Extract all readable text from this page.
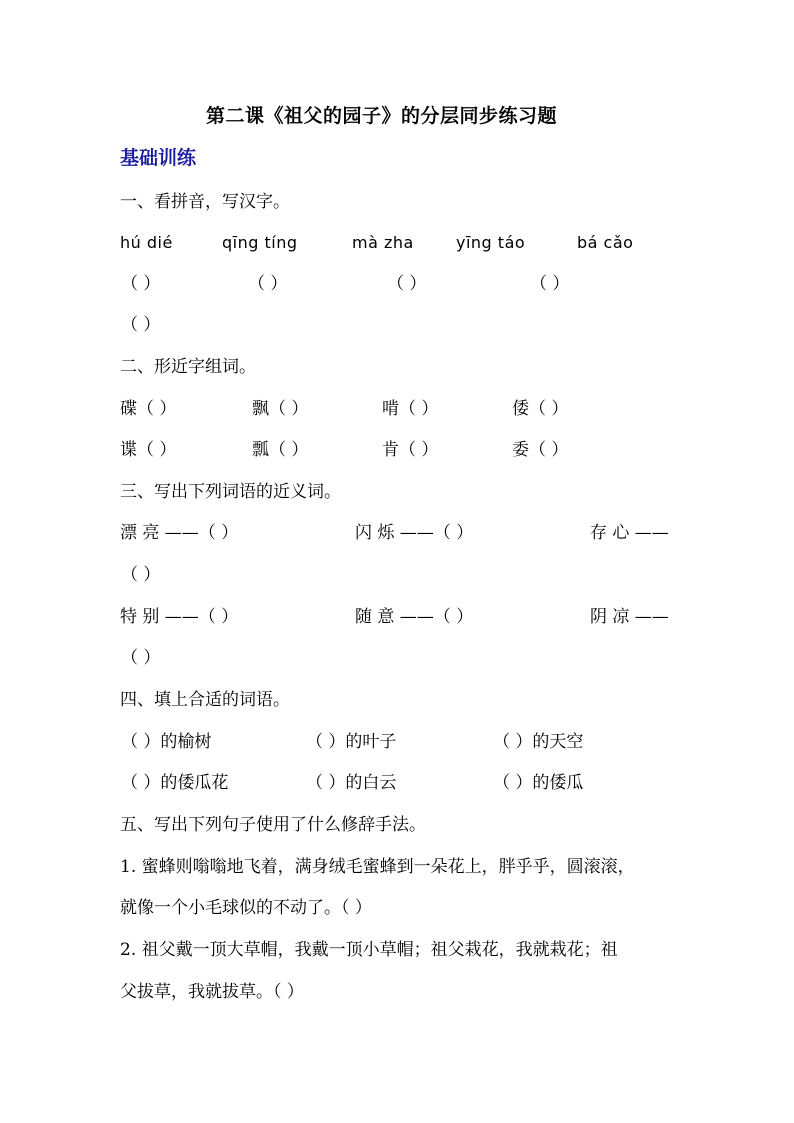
第二课《祖父的园子》的分层同步练习题
基础训练
一、看拼音，写汉字。
hú dié	qīng tíng	mà zha	yīng táo	bá cǎo
（ ）	（ ）	（ ）	（ ）
（ ）
二、形近字组词。
碟（ ）	飘（ ）	啃（ ）	倭（ ）
谍（ ）	瓢（ ）	肯（ ）	委（ ）
三、写出下列词语的近义词。
漂 亮 ——（ ）	闪 烁 ——（ ）	存 心 ——
（ ）
特 别 ——（ ）	随 意 ——（ ）	阴 凉 ——
（ ）
四、填上合适的词语。
（ ）的榆树	（ ）的叶子	（ ）的天空
（ ）的倭瓜花	（ ）的白云	（ ）的倭瓜
五、写出下列句子使用了什么修辞手法。
1. 蜜蜂则嗡嗡地飞着，满身绒毛蜜蜂到一朵花上，胖乎乎，圆滚滚，
就像一个小毛球似的不动了。（ ）
2. 祖父戴一顶大草帽，我戴一顶小草帽；祖父栽花，我就栽花；祖
父拔草，我就拔草。（ ）
